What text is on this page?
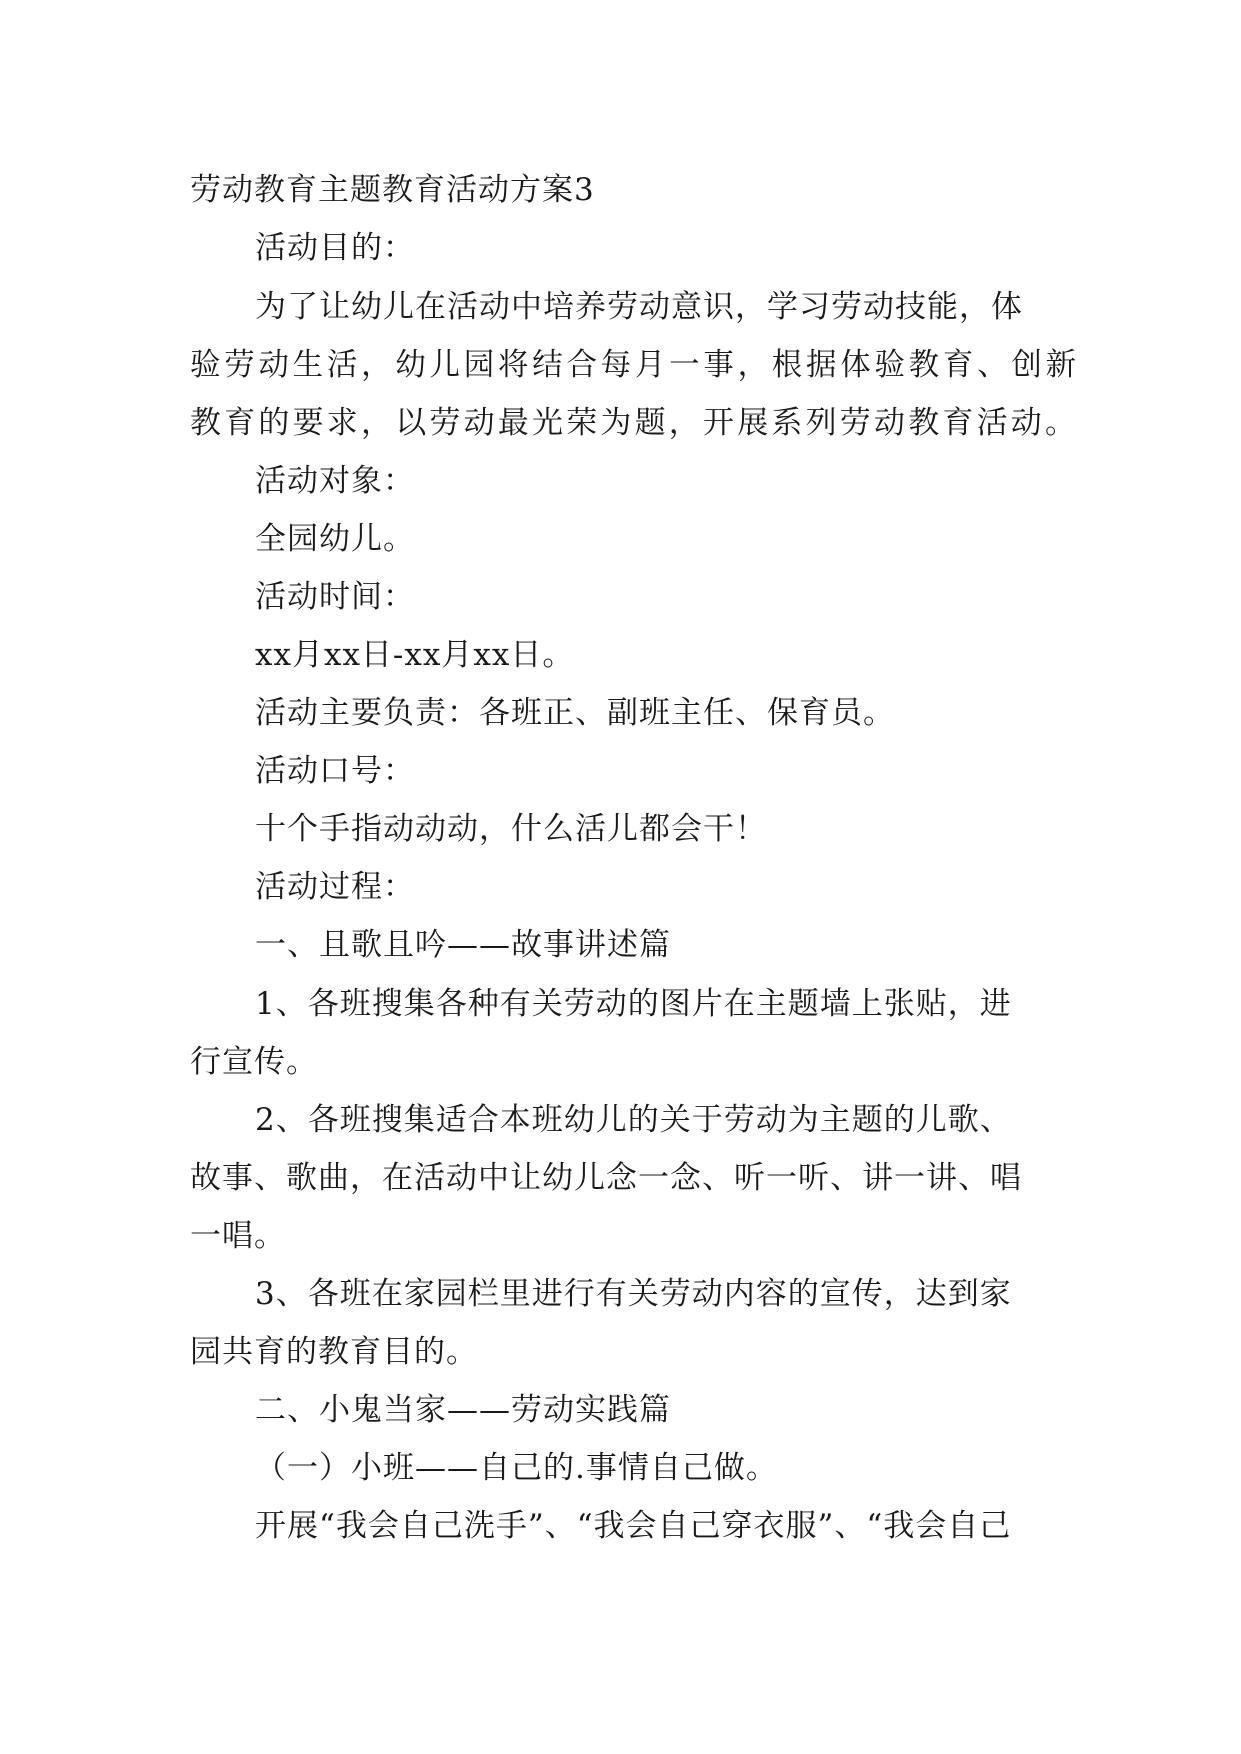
劳动教育主题教育活动方案3
活动目的：
为了让幼儿在活动中培养劳动意识，学习劳动技能，体
验劳动生活，幼儿园将结合每月一事，根据体验教育、创新
教育的要求，以劳动最光荣为题，开展系列劳动教育活动。
活动对象：
全园幼儿。
活动时间：
xx月xx日-xx月xx日。
活动主要负责：各班正、副班主任、保育员。
活动口号：
十个手指动动动，什么活儿都会干！
活动过程：
一、且歌且吟——故事讲述篇
1、各班搜集各种有关劳动的图片在主题墙上张贴，进
行宣传。
2、各班搜集适合本班幼儿的关于劳动为主题的儿歌、
故事、歌曲，在活动中让幼儿念一念、听一听、讲一讲、唱
一唱。
3、各班在家园栏里进行有关劳动内容的宣传，达到家
园共育的教育目的。
二、小鬼当家——劳动实践篇
（一）小班——自己的.事情自己做。
开展“我会自己洗手”、“我会自己穿衣服”、“我会自己
